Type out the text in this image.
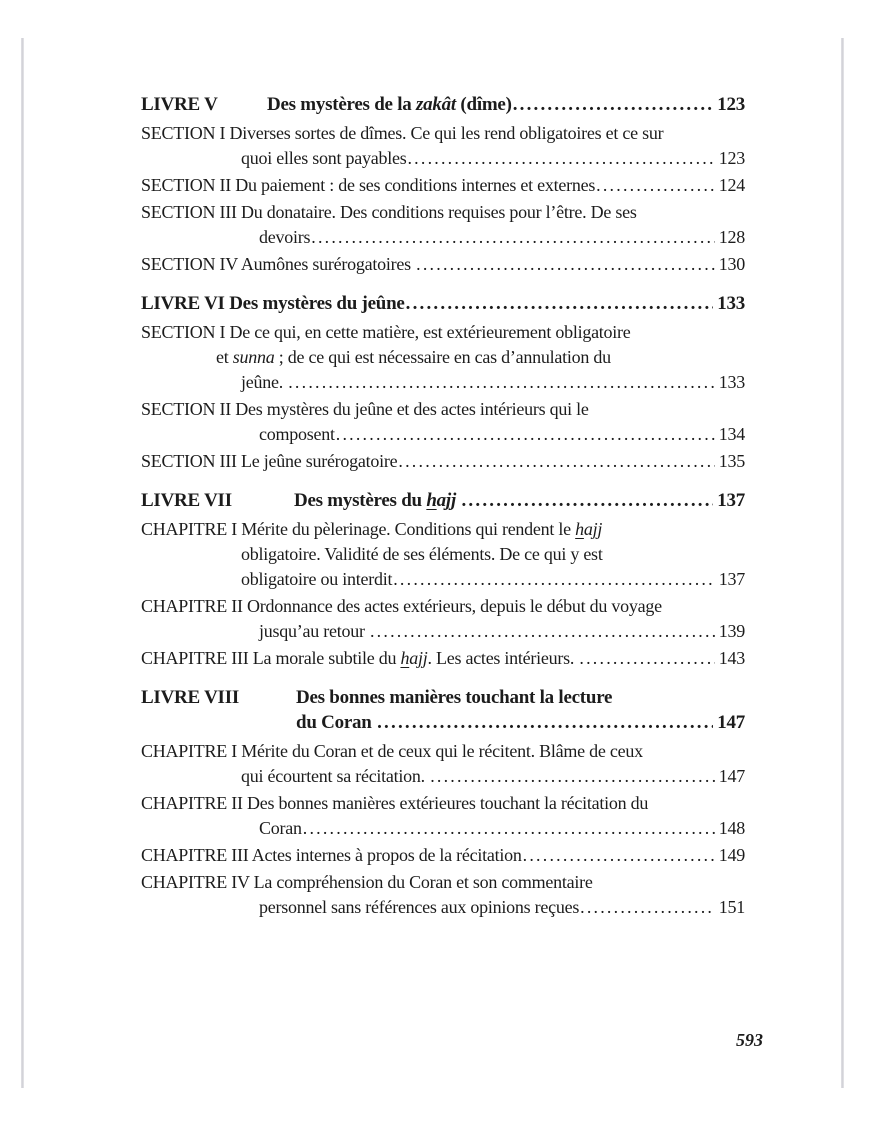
LIVRE V	Des mystères de la zakât (dîme) .....	123
SECTION I Diverses sortes de dîmes. Ce qui les rend obligatoires et ce sur
quoi elles sont payables .....	123
SECTION II Du paiement : de ses conditions internes et externes .....	124
SECTION III Du donataire. Des conditions requises pour l’être. De ses
devoirs .....	128
SECTION IV Aumônes surérogatoires .....	130
LIVRE VI Des mystères du jeûne .....	133
SECTION I De ce qui, en cette matière, est extérieurement obligatoire
et sunna ; de ce qui est nécessaire en cas d’annulation du
jeûne. .....	133
SECTION II Des mystères du jeûne et des actes intérieurs qui le
composent .....	134
SECTION III Le jeûne surérogatoire .....	135
LIVRE VII	Des mystères du hajj .....	137
CHAPITRE I Mérite du pèlerinage. Conditions qui rendent le hajj
obligatoire. Validité de ses éléments. De ce qui y est
obligatoire ou interdit .....	137
CHAPITRE II Ordonnance des actes extérieurs, depuis le début du voyage
jusqu’au retour .....	139
CHAPITRE III La morale subtile du hajj. Les actes intérieurs. .....	143
LIVRE VIII	Des bonnes manières touchant la lecture
du Coran .....	147
CHAPITRE I Mérite du Coran et de ceux qui le récitent. Blâme de ceux
qui écourtent sa récitation. .....	147
CHAPITRE II Des bonnes manières extérieures touchant la récitation du
Coran .....	148
CHAPITRE III Actes internes à propos de la récitation .....	149
CHAPITRE IV La compréhension du Coran et son commentaire
personnel sans références aux opinions reçues .....	151
593
